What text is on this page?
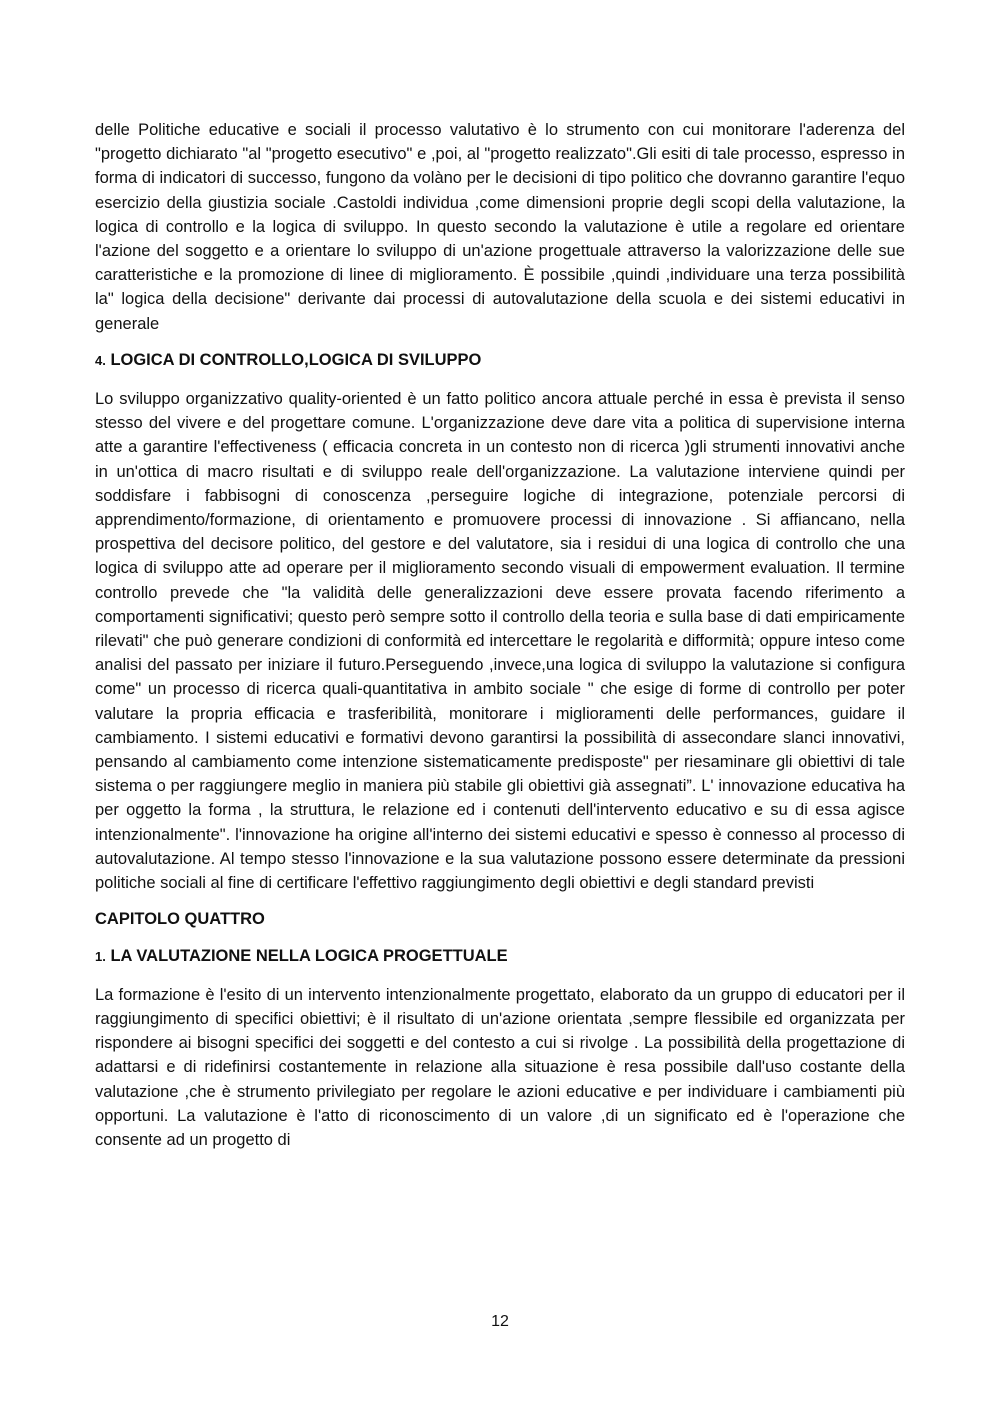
delle Politiche educative e sociali il processo valutativo è lo strumento con cui monitorare l'aderenza del "progetto dichiarato "al "progetto esecutivo" e ,poi, al "progetto realizzato".Gli esiti di tale processo, espresso in forma di indicatori di successo, fungono da volàno per le decisioni di tipo politico che dovranno garantire l'equo esercizio della giustizia sociale .Castoldi individua ,come dimensioni proprie degli scopi della valutazione, la logica di controllo e la logica di sviluppo. In questo secondo la valutazione è utile a regolare ed orientare l'azione del soggetto e a orientare lo sviluppo di un'azione progettuale attraverso la valorizzazione delle sue caratteristiche e la promozione di linee di miglioramento. È possibile ,quindi ,individuare una terza possibilità la" logica della decisione" derivante dai processi di autovalutazione della scuola e dei sistemi educativi in generale

4. LOGICA DI CONTROLLO,LOGICA DI SVILUPPO

Lo sviluppo organizzativo quality-oriented è un fatto politico ancora attuale perché in essa è prevista il senso stesso del vivere e del progettare comune. L'organizzazione deve dare vita a politica di supervisione interna atte a garantire l'effectiveness ( efficacia concreta in un contesto non di ricerca )gli strumenti innovativi anche in un'ottica di macro risultati e di sviluppo reale dell'organizzazione. La valutazione interviene quindi per soddisfare i fabbisogni di conoscenza ,perseguire logiche di integrazione, potenziale percorsi di apprendimento/formazione, di orientamento e promuovere processi di innovazione . Si affiancano, nella prospettiva del decisore politico, del gestore e del valutatore, sia i residui di una logica di controllo che una logica di sviluppo atte ad operare per il miglioramento secondo visuali di empowerment evaluation. Il termine controllo prevede che "la validità delle generalizzazioni deve essere provata facendo riferimento a comportamenti significativi; questo però sempre sotto il controllo della teoria e sulla base di dati empiricamente rilevati" che può generare condizioni di conformità ed intercettare le regolarità e difformità; oppure inteso come analisi del passato per iniziare il futuro.Perseguendo ,invece,una logica di sviluppo la valutazione si configura come" un processo di ricerca quali-quantitativa in ambito sociale " che esige di forme di controllo per poter valutare la propria efficacia e trasferibilità, monitorare i miglioramenti delle performances, guidare il cambiamento. I sistemi educativi e formativi devono garantirsi la possibilità di assecondare slanci innovativi, pensando al cambiamento come intenzione sistematicamente predisposte" per riesaminare gli obiettivi di tale sistema o per raggiungere meglio in maniera più stabile gli obiettivi già assegnati”. L' innovazione educativa ha per oggetto la forma , la struttura, le relazione ed i contenuti dell'intervento educativo e su di essa agisce intenzionalmente". l'innovazione ha origine all'interno dei sistemi educativi e spesso è connesso al processo di autovalutazione. Al tempo stesso l'innovazione e la sua valutazione possono essere determinate da pressioni politiche sociali al fine di certificare l'effettivo raggiungimento degli obiettivi e degli standard previsti

CAPITOLO QUATTRO

1. LA VALUTAZIONE NELLA LOGICA PROGETTUALE

La formazione è l'esito di un intervento intenzionalmente progettato, elaborato da un gruppo di educatori per il raggiungimento di specifici obiettivi; è il risultato di un'azione orientata ,sempre flessibile ed organizzata per rispondere ai bisogni specifici dei soggetti e del contesto a cui si rivolge . La possibilità della progettazione di adattarsi e di ridefinirsi costantemente in relazione alla situazione è resa possibile dall'uso costante della valutazione ,che è strumento privilegiato per regolare le azioni educative e per individuare i cambiamenti più opportuni. La valutazione è l'atto di riconoscimento di un valore ,di un significato ed è l'operazione che consente ad un progetto di

12
